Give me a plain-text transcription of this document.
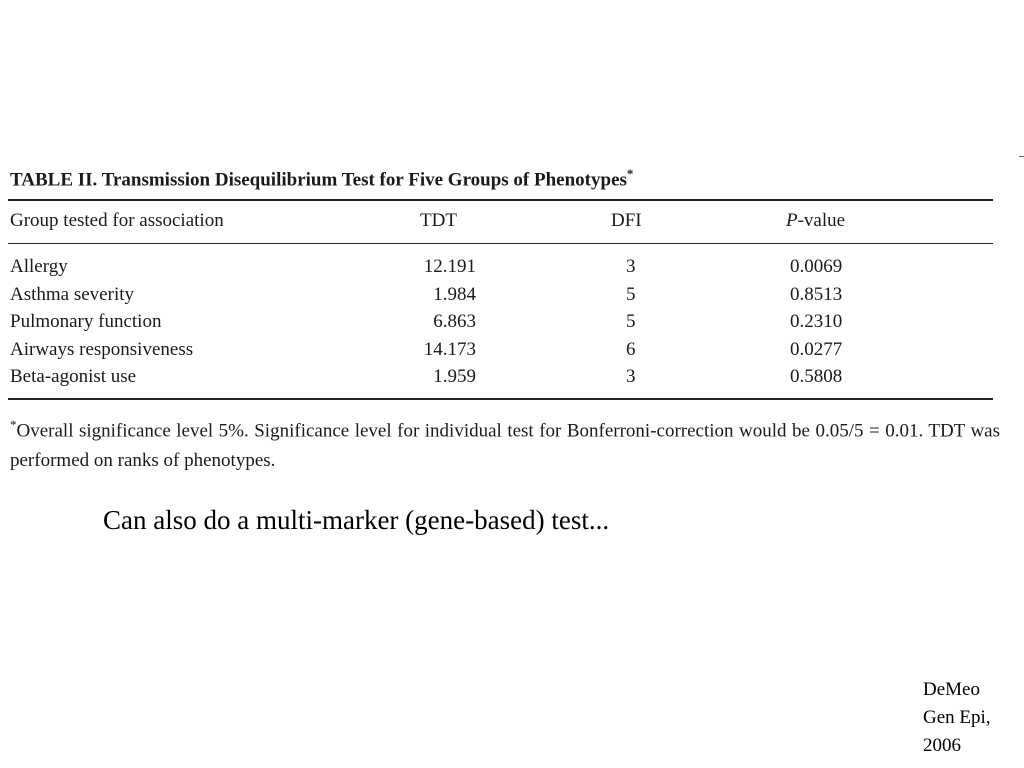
TABLE II. Transmission Disequilibrium Test for Five Groups of Phenotypes*
Group tested for association	TDT	DFI	P-value
Allergy	12.191	3	0.0069
Asthma severity	1.984	5	0.8513
Pulmonary function	6.863	5	0.2310
Airways responsiveness	14.173	6	0.0277
Beta-agonist use	1.959	3	0.5808
*Overall significance level 5%. Significance level for individual test for Bonferroni-correction would be 0.05/5 = 0.01. TDT was performed on ranks of phenotypes.
Can also do a multi-marker (gene-based) test...
DeMeo
Gen Epi,
2006
